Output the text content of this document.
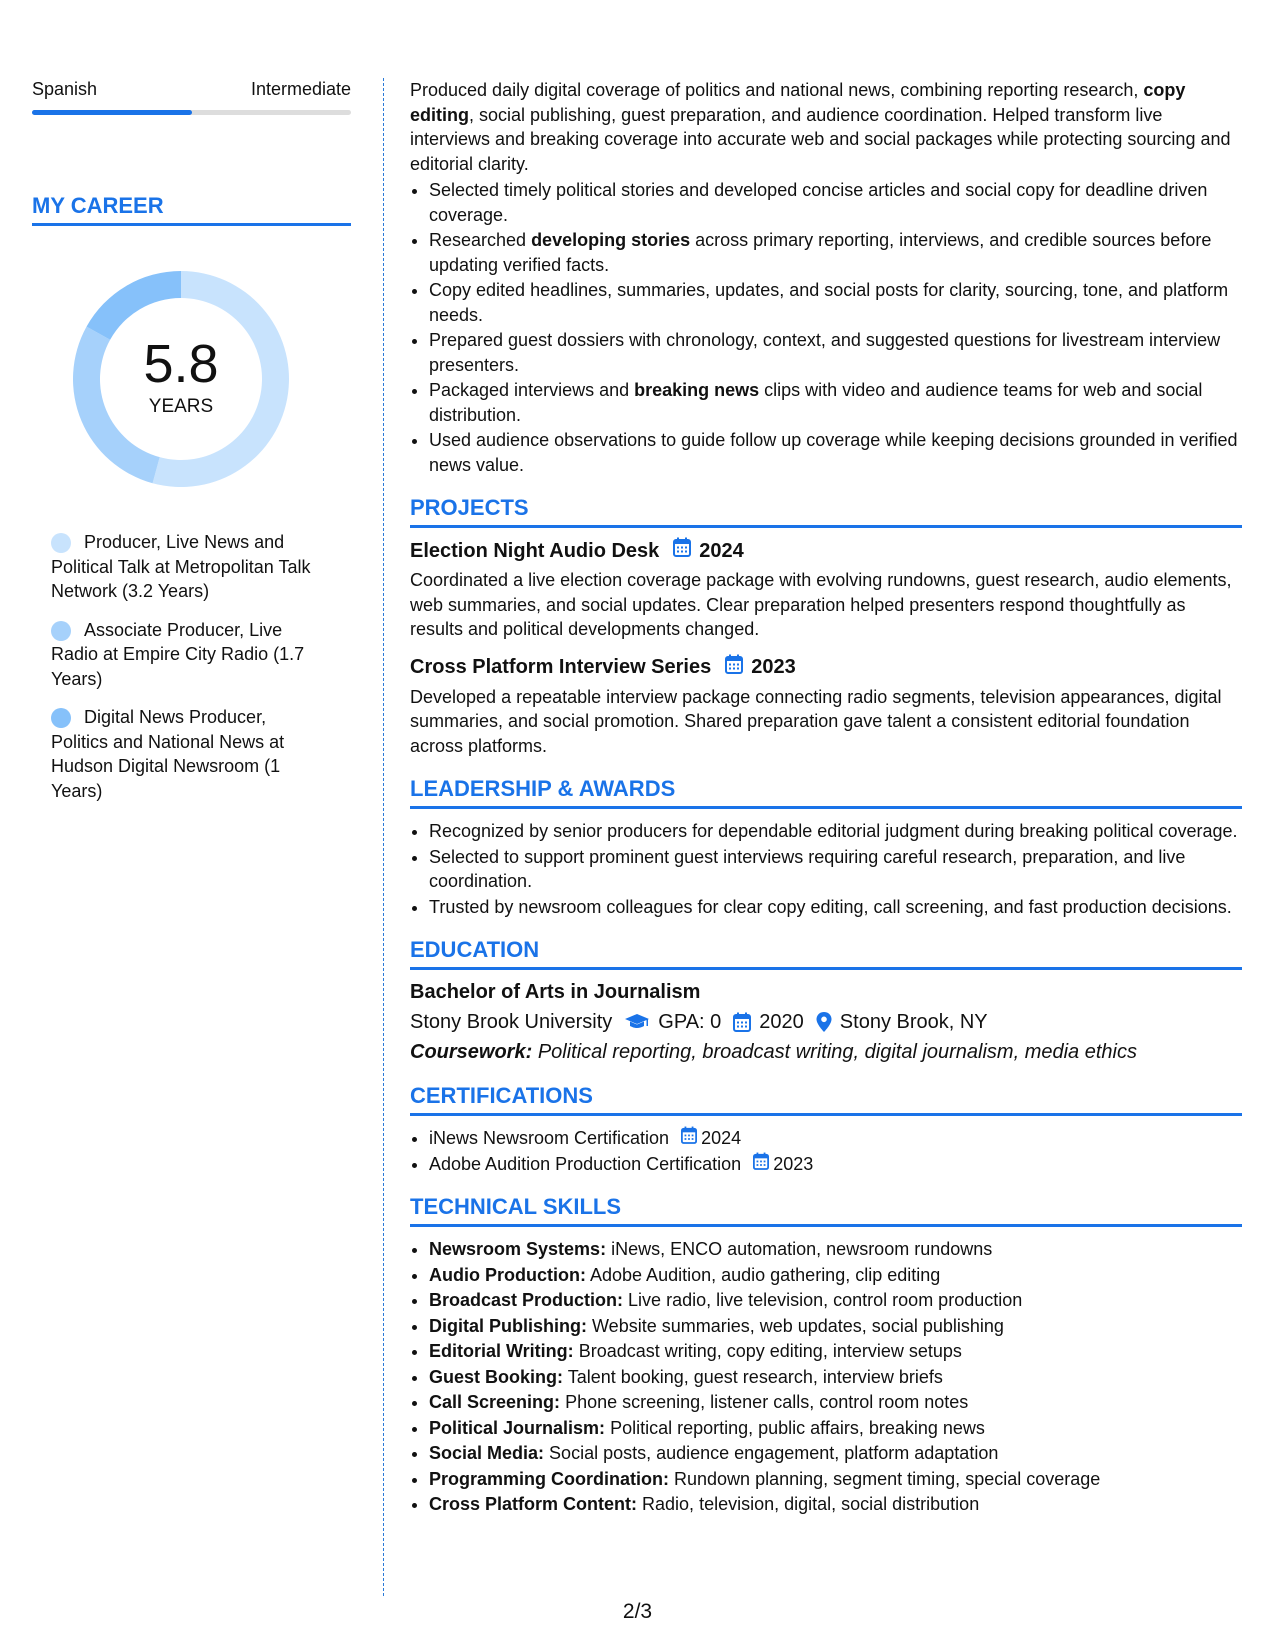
Spanish	Intermediate
MY CAREER
5.8
YEARS
Producer, Live News and Political Talk at Metropolitan Talk Network (3.2 Years)
Associate Producer, Live Radio at Empire City Radio (1.7 Years)
Digital News Producer, Politics and National News at Hudson Digital Newsroom (1 Years)
Produced daily digital coverage of politics and national news, combining reporting research, copy editing, social publishing, guest preparation, and audience coordination. Helped transform live interviews and breaking coverage into accurate web and social packages while protecting sourcing and editorial clarity.
• Selected timely political stories and developed concise articles and social copy for deadline driven coverage.
• Researched developing stories across primary reporting, interviews, and credible sources before updating verified facts.
• Copy edited headlines, summaries, updates, and social posts for clarity, sourcing, tone, and platform needs.
• Prepared guest dossiers with chronology, context, and suggested questions for livestream interview presenters.
• Packaged interviews and breaking news clips with video and audience teams for web and social distribution.
• Used audience observations to guide follow up coverage while keeping decisions grounded in verified news value.
PROJECTS
Election Night Audio Desk 2024
Coordinated a live election coverage package with evolving rundowns, guest research, audio elements, web summaries, and social updates. Clear preparation helped presenters respond thoughtfully as results and political developments changed.
Cross Platform Interview Series 2023
Developed a repeatable interview package connecting radio segments, television appearances, digital summaries, and social promotion. Shared preparation gave talent a consistent editorial foundation across platforms.
LEADERSHIP & AWARDS
• Recognized by senior producers for dependable editorial judgment during breaking political coverage.
• Selected to support prominent guest interviews requiring careful research, preparation, and live coordination.
• Trusted by newsroom colleagues for clear copy editing, call screening, and fast production decisions.
EDUCATION
Bachelor of Arts in Journalism
Stony Brook University GPA: 0 2020 Stony Brook, NY
Coursework: Political reporting, broadcast writing, digital journalism, media ethics
CERTIFICATIONS
• iNews Newsroom Certification 2024
• Adobe Audition Production Certification 2023
TECHNICAL SKILLS
• Newsroom Systems: iNews, ENCO automation, newsroom rundowns
• Audio Production: Adobe Audition, audio gathering, clip editing
• Broadcast Production: Live radio, live television, control room production
• Digital Publishing: Website summaries, web updates, social publishing
• Editorial Writing: Broadcast writing, copy editing, interview setups
• Guest Booking: Talent booking, guest research, interview briefs
• Call Screening: Phone screening, listener calls, control room notes
• Political Journalism: Political reporting, public affairs, breaking news
• Social Media: Social posts, audience engagement, platform adaptation
• Programming Coordination: Rundown planning, segment timing, special coverage
• Cross Platform Content: Radio, television, digital, social distribution
2/3
